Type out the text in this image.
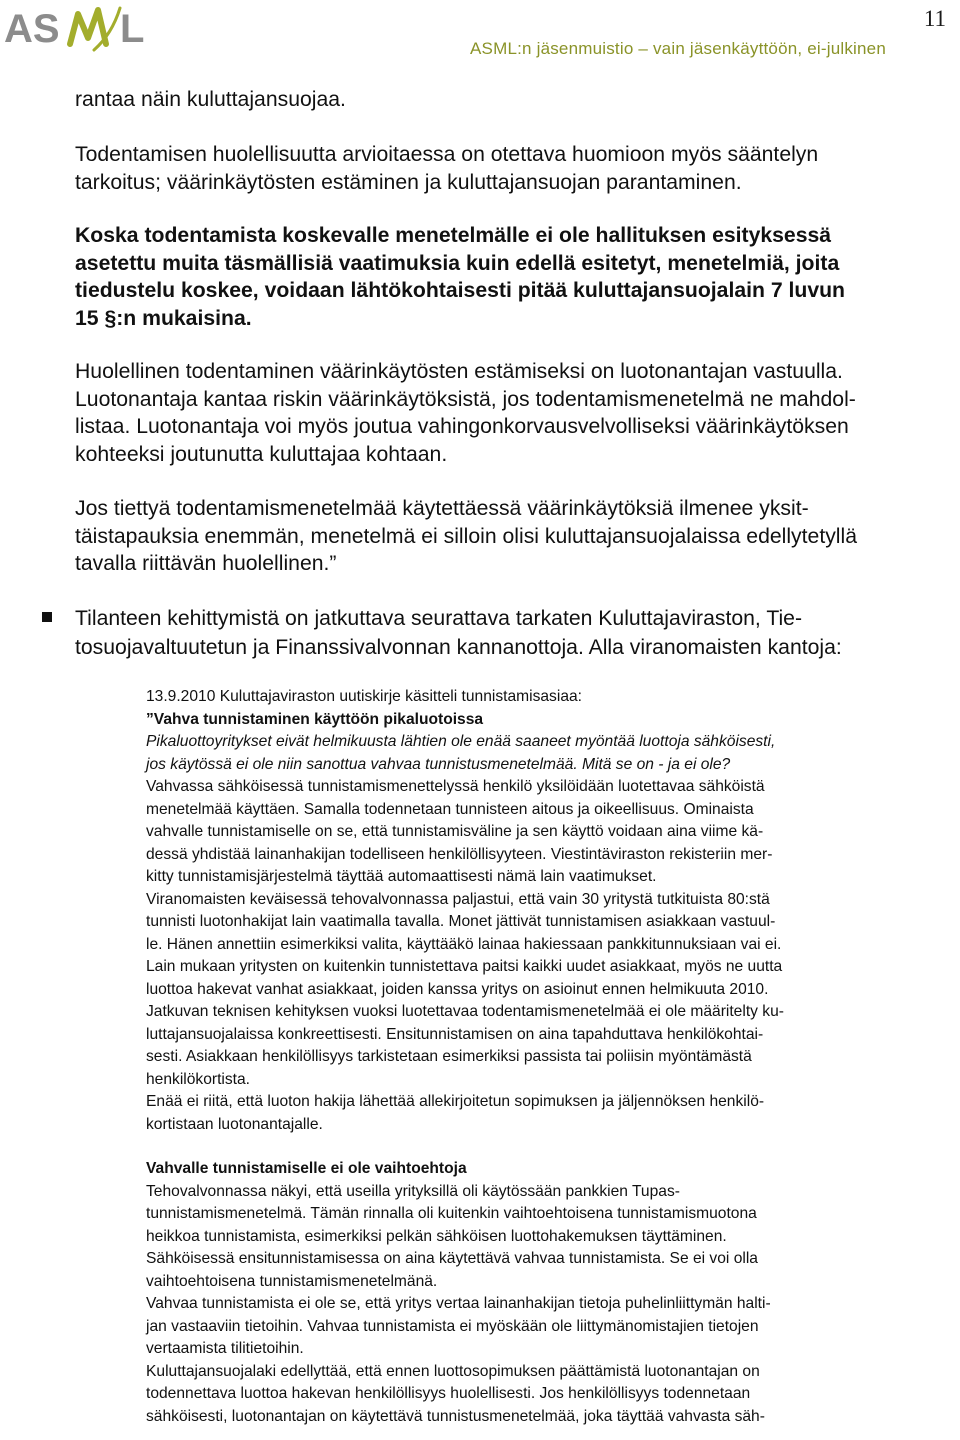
AS L	11
ASML:n jäsenmuistio – vain jäsenkäyttöön, ei-julkinen
rantaa näin kuluttajansuojaa.
Todentamisen huolellisuutta arvioitaessa on otettava huomioon myös sääntelyn
tarkoitus; väärinkäytösten estäminen ja kuluttajansuojan parantaminen.
Koska todentamista koskevalle menetelmälle ei ole hallituksen esityksessä
asetettu muita täsmällisiä vaatimuksia kuin edellä esitetyt, menetelmiä, joita
tiedustelu koskee, voidaan lähtökohtaisesti pitää kuluttajansuojalain 7 luvun
15 §:n mukaisina.
Huolellinen todentaminen väärinkäytösten estämiseksi on luotonantajan vastuulla.
Luotonantaja kantaa riskin väärinkäytöksistä, jos todentamismenetelmä ne mahdol-
listaa. Luotonantaja voi myös joutua vahingonkorvausvelvolliseksi väärinkäytöksen
kohteeksi joutunutta kuluttajaa kohtaan.
Jos tiettyä todentamismenetelmää käytettäessä väärinkäytöksiä ilmenee yksit-
täistapauksia enemmän, menetelmä ei silloin olisi kuluttajansuojalaissa edellytetyllä
tavalla riittävän huolellinen.”
Tilanteen kehittymistä on jatkuttava seurattava tarkaten Kuluttajaviraston, Tie-
tosuojavaltuutetun ja Finanssivalvonnan kannanottoja. Alla viranomaisten kantoja:
13.9.2010 Kuluttajaviraston uutiskirje käsitteli tunnistamisasiaa:
”Vahva tunnistaminen käyttöön pikaluotoissa
Pikaluottoyritykset eivät helmikuusta lähtien ole enää saaneet myöntää luottoja sähköisesti,
jos käytössä ei ole niin sanottua vahvaa tunnistusmenetelmää. Mitä se on - ja ei ole?
Vahvassa sähköisessä tunnistamismenettelyssä henkilö yksilöidään luotettavaa sähköistä
menetelmää käyttäen. Samalla todennetaan tunnisteen aitous ja oikeellisuus. Ominaista
vahvalle tunnistamiselle on se, että tunnistamisväline ja sen käyttö voidaan aina viime kä-
dessä yhdistää lainanhakijan todelliseen henkilöllisyyteen. Viestintäviraston rekisteriin mer-
kitty tunnistamisjärjestelmä täyttää automaattisesti nämä lain vaatimukset.
Viranomaisten keväisessä tehovalvonnassa paljastui, että vain 30 yritystä tutkituista 80:stä
tunnisti luotonhakijat lain vaatimalla tavalla. Monet jättivät tunnistamisen asiakkaan vastuul-
le. Hänen annettiin esimerkiksi valita, käyttääkö lainaa hakiessaan pankkitunnuksiaan vai ei.
Lain mukaan yritysten on kuitenkin tunnistettava paitsi kaikki uudet asiakkaat, myös ne uutta
luottoa hakevat vanhat asiakkaat, joiden kanssa yritys on asioinut ennen helmikuuta 2010.
Jatkuvan teknisen kehityksen vuoksi luotettavaa todentamismenetelmää ei ole määritelty ku-
luttajansuojalaissa konkreettisesti. Ensitunnistamisen on aina tapahduttava henkilökohtai-
sesti. Asiakkaan henkilöllisyys tarkistetaan esimerkiksi passista tai poliisin myöntämästä
henkilökortista.
Enää ei riitä, että luoton hakija lähettää allekirjoitetun sopimuksen ja jäljennöksen henkilö-
kortistaan luotonantajalle.
Vahvalle tunnistamiselle ei ole vaihtoehtoja
Tehovalvonnassa näkyi, että useilla yrityksillä oli käytössään pankkien Tupas-
tunnistamismenetelmä. Tämän rinnalla oli kuitenkin vaihtoehtoisena tunnistamismuotona
heikkoa tunnistamista, esimerkiksi pelkän sähköisen luottohakemuksen täyttäminen.
Sähköisessä ensitunnistamisessa on aina käytettävä vahvaa tunnistamista. Se ei voi olla
vaihtoehtoisena tunnistamismenetelmänä.
Vahvaa tunnistamista ei ole se, että yritys vertaa lainanhakijan tietoja puhelinliittymän halti-
jan vastaaviin tietoihin. Vahvaa tunnistamista ei myöskään ole liittymänomistajien tietojen
vertaamista tilitietoihin.
Kuluttajansuojalaki edellyttää, että ennen luottosopimuksen päättämistä luotonantajan on
todennettava luottoa hakevan henkilöllisyys huolellisesti. Jos henkilöllisyys todennetaan
sähköisesti, luotonantajan on käytettävä tunnistusmenetelmää, joka täyttää vahvasta säh-
